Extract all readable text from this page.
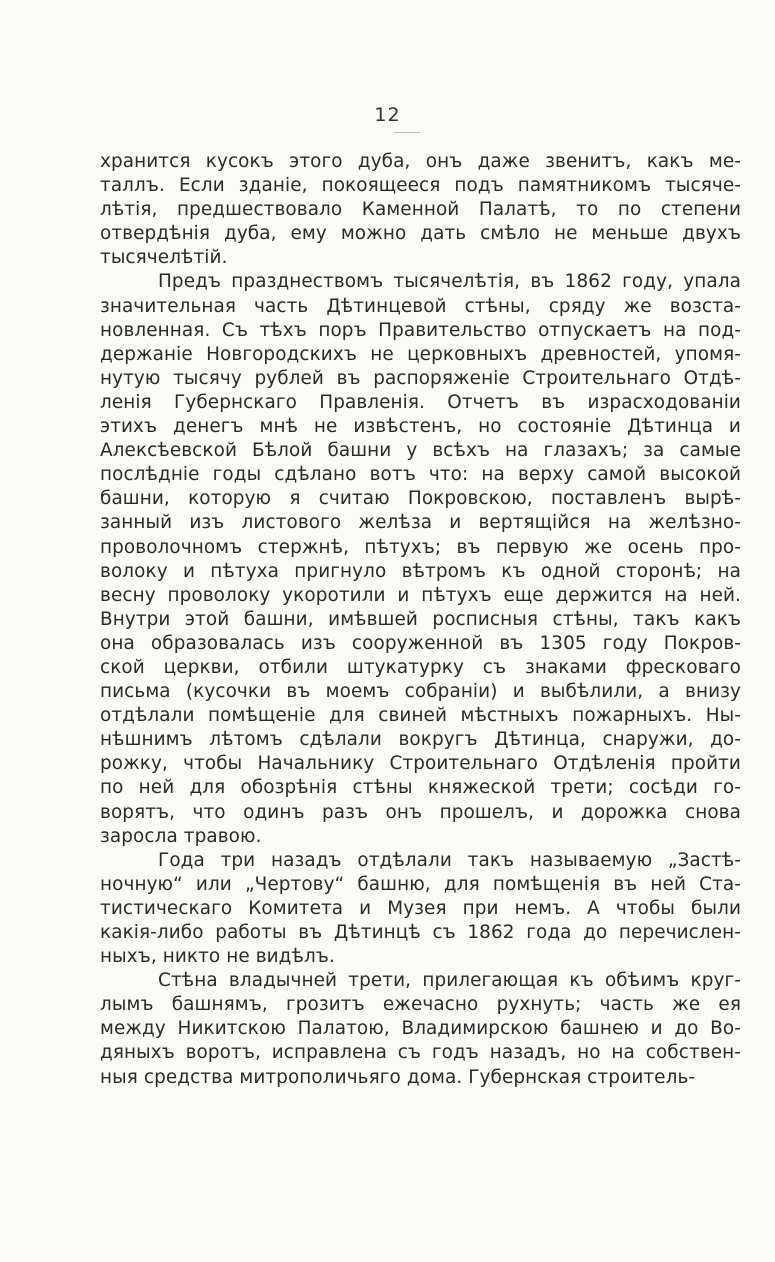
12
хранится кусокъ этого дуба, онъ даже звенитъ, какъ ме-
таллъ. Если зданіе, покоящееся подъ памятникомъ тысяче-
лѣтія, предшествовало Каменной Палатѣ, то по степени
отвердѣнія дуба, ему можно дать смѣло не меньше двухъ
тысячелѣтій.
Предъ празднествомъ тысячелѣтія, въ 1862 году, упала
значительная часть Дѣтинцевой стѣны, сряду же возста-
новленная. Съ тѣхъ поръ Правительство отпускаетъ на под-
держаніе Новгородскихъ не церковныхъ древностей, упомя-
нутую тысячу рублей въ распоряженіе Строительнаго Отдѣ-
ленія Губернскаго Правленія. Отчетъ въ израсходованіи
этихъ денегъ мнѣ не извѣстенъ, но состояніе Дѣтинца и
Алексѣевской Бѣлой башни у всѣхъ на глазахъ; за самые
послѣдніе годы сдѣлано вотъ что: на верху самой высокой
башни, которую я считаю Покровскою, поставленъ вырѣ-
занный изъ листового желѣза и вертящійся на желѣзно-
проволочномъ стержнѣ, пѣтухъ; въ первую же осень про-
волоку и пѣтуха пригнуло вѣтромъ къ одной сторонѣ; на
весну проволоку укоротили и пѣтухъ еще держится на ней.
Внутри этой башни, имѣвшей росписныя стѣны, такъ какъ
она образовалась изъ сооруженной въ 1305 году Покров-
ской церкви, отбили штукатурку съ знаками фресковаго
письма (кусочки въ моемъ собраніи) и выбѣлили, а внизу
отдѣлали помѣщеніе для свиней мѣстныхъ пожарныхъ. Ны-
нѣшнимъ лѣтомъ сдѣлали вокругъ Дѣтинца, снаружи, до-
рожку, чтобы Начальнику Строительнаго Отдѣленія пройти
по ней для обозрѣнія стѣны княжеской трети; сосѣди го-
ворятъ, что одинъ разъ онъ прошелъ, и дорожка снова
заросла травою.
Года три назадъ отдѣлали такъ называемую „Застѣ-
ночную“ или „Чертову“ башню, для помѣщенія въ ней Ста-
тистическаго Комитета и Музея при немъ. А чтобы были
какія-либо работы въ Дѣтинцѣ съ 1862 года до перечислен-
ныхъ, никто не видѣлъ.
Стѣна владычней трети, прилегающая къ обѣимъ круг-
лымъ башнямъ, грозитъ ежечасно рухнуть; часть же ея
между Никитскою Палатою, Владимирскою башнею и до Во-
дяныхъ воротъ, исправлена съ годъ назадъ, но на собствен-
ныя средства митрополичьяго дома. Губернская строитель-
